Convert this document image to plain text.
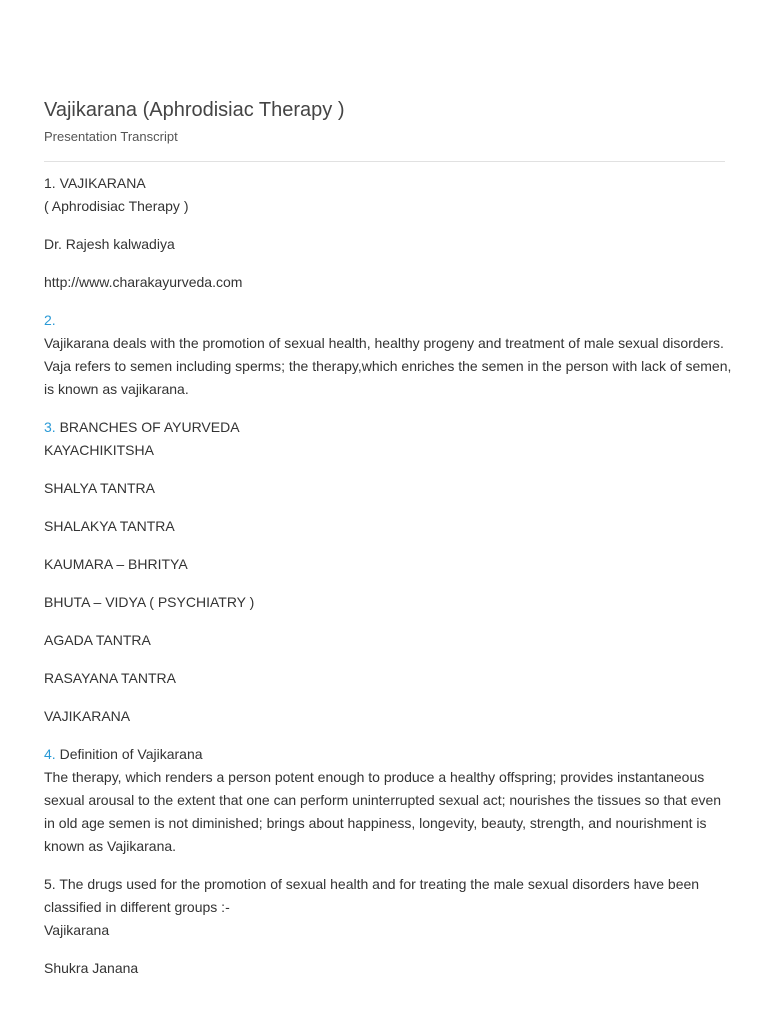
Vajikarana (Aphrodisiac Therapy )
Presentation Transcript
1. VAJIKARANA
( Aphrodisiac Therapy )
Dr. Rajesh kalwadiya
http://www.charakayurveda.com
2.
Vajikarana deals with the promotion of sexual health, healthy progeny and treatment of male sexual disorders. Vaja refers to semen including sperms; the therapy,which enriches the semen in the person with lack of semen, is known as vajikarana.
3. BRANCHES OF AYURVEDA
KAYACHIKITSHA
SHALYA TANTRA
SHALAKYA TANTRA
KAUMARA – BHRITYA
BHUTA – VIDYA ( PSYCHIATRY )
AGADA TANTRA
RASAYANA TANTRA
VAJIKARANA
4. Definition of Vajikarana
The therapy, which renders a person potent enough to produce a healthy offspring; provides instantaneous sexual arousal to the extent that one can perform uninterrupted sexual act; nourishes the tissues so that even in old age semen is not diminished; brings about happiness, longevity, beauty, strength, and nourishment is known as Vajikarana.
5. The drugs used for the promotion of sexual health and for treating the male sexual disorders have been classified in different groups :-
Vajikarana
Shukra Janana
